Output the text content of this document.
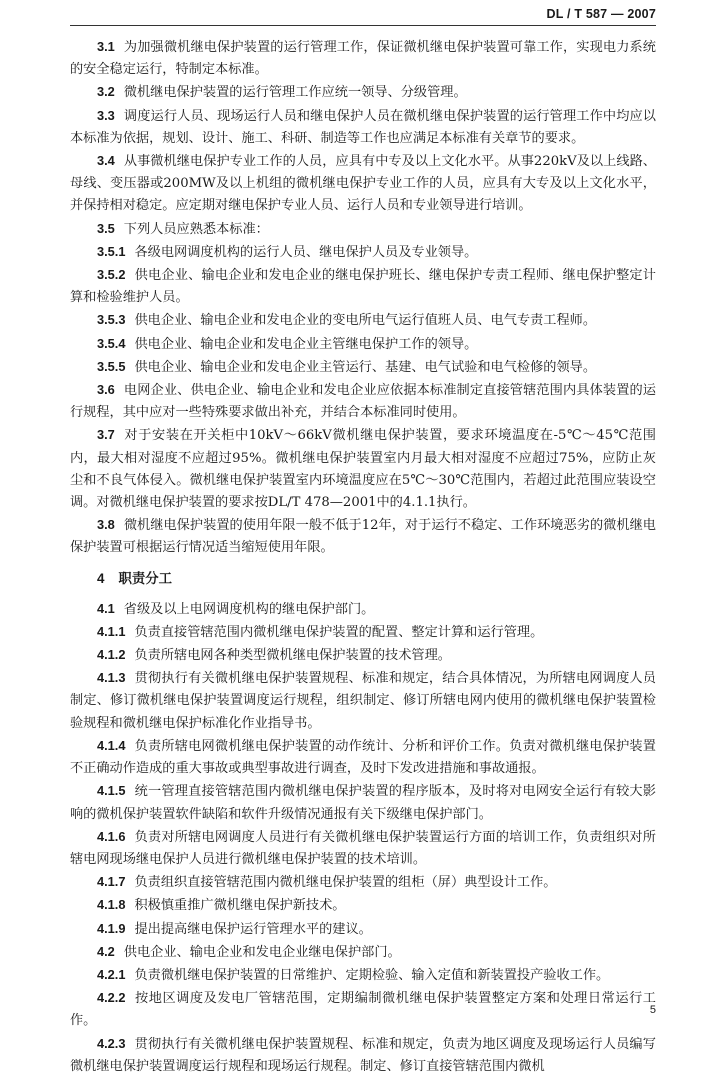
DL / T 587 — 2007

3.1 为加强微机继电保护装置的运行管理工作，保证微机继电保护装置可靠工作，实现电力系统的安全稳定运行，特制定本标准。

3.2 微机继电保护装置的运行管理工作应统一领导、分级管理。

3.3 调度运行人员、现场运行人员和继电保护人员在微机继电保护装置的运行管理工作中均应以本标准为依据，规划、设计、施工、科研、制造等工作也应满足本标准有关章节的要求。

3.4 从事微机继电保护专业工作的人员，应具有中专及以上文化水平。从事220kV及以上线路、母线、变压器或200MW及以上机组的微机继电保护专业工作的人员，应具有大专及以上文化水平，并保持相对稳定。应定期对继电保护专业人员、运行人员和专业领导进行培训。

3.5 下列人员应熟悉本标准：

3.5.1 各级电网调度机构的运行人员、继电保护人员及专业领导。

3.5.2 供电企业、输电企业和发电企业的继电保护班长、继电保护专责工程师、继电保护整定计算和检验维护人员。

3.5.3 供电企业、输电企业和发电企业的变电所电气运行值班人员、电气专责工程师。

3.5.4 供电企业、输电企业和发电企业主管继电保护工作的领导。

3.5.5 供电企业、输电企业和发电企业主管运行、基建、电气试验和电气检修的领导。

3.6 电网企业、供电企业、输电企业和发电企业应依据本标准制定直接管辖范围内具体装置的运行规程，其中应对一些特殊要求做出补充，并结合本标准同时使用。

3.7 对于安装在开关柜中10kV～66kV微机继电保护装置，要求环境温度在-5℃～45℃范围内，最大相对湿度不应超过95%。微机继电保护装置室内月最大相对湿度不应超过75%，应防止灰尘和不良气体侵入。微机继电保护装置室内环境温度应在5℃～30℃范围内，若超过此范围应装设空调。对微机继电保护装置的要求按DL/T 478—2001中的4.1.1执行。

3.8 微机继电保护装置的使用年限一般不低于12年，对于运行不稳定、工作环境恶劣的微机继电保护装置可根据运行情况适当缩短使用年限。

4 职责分工

4.1 省级及以上电网调度机构的继电保护部门。

4.1.1 负责直接管辖范围内微机继电保护装置的配置、整定计算和运行管理。

4.1.2 负责所辖电网各种类型微机继电保护装置的技术管理。

4.1.3 贯彻执行有关微机继电保护装置规程、标准和规定，结合具体情况，为所辖电网调度人员制定、修订微机继电保护装置调度运行规程，组织制定、修订所辖电网内使用的微机继电保护装置检验规程和微机继电保护标准化作业指导书。

4.1.4 负责所辖电网微机继电保护装置的动作统计、分析和评价工作。负责对微机继电保护装置不正确动作造成的重大事故或典型事故进行调查，及时下发改进措施和事故通报。

4.1.5 统一管理直接管辖范围内微机继电保护装置的程序版本，及时将对电网安全运行有较大影响的微机保护装置软件缺陷和软件升级情况通报有关下级继电保护部门。

4.1.6 负责对所辖电网调度人员进行有关微机继电保护装置运行方面的培训工作，负责组织对所辖电网现场继电保护人员进行微机继电保护装置的技术培训。

4.1.7 负责组织直接管辖范围内微机继电保护装置的组柜（屏）典型设计工作。

4.1.8 积极慎重推广微机继电保护新技术。

4.1.9 提出提高继电保护运行管理水平的建议。

4.2 供电企业、输电企业和发电企业继电保护部门。

4.2.1 负责微机继电保护装置的日常维护、定期检验、输入定值和新装置投产验收工作。

4.2.2 按地区调度及发电厂管辖范围，定期编制微机继电保护装置整定方案和处理日常运行工作。

4.2.3 贯彻执行有关微机继电保护装置规程、标准和规定，负责为地区调度及现场运行人员编写微机继电保护装置调度运行规程和现场运行规程。制定、修订直接管辖范围内微机

5
